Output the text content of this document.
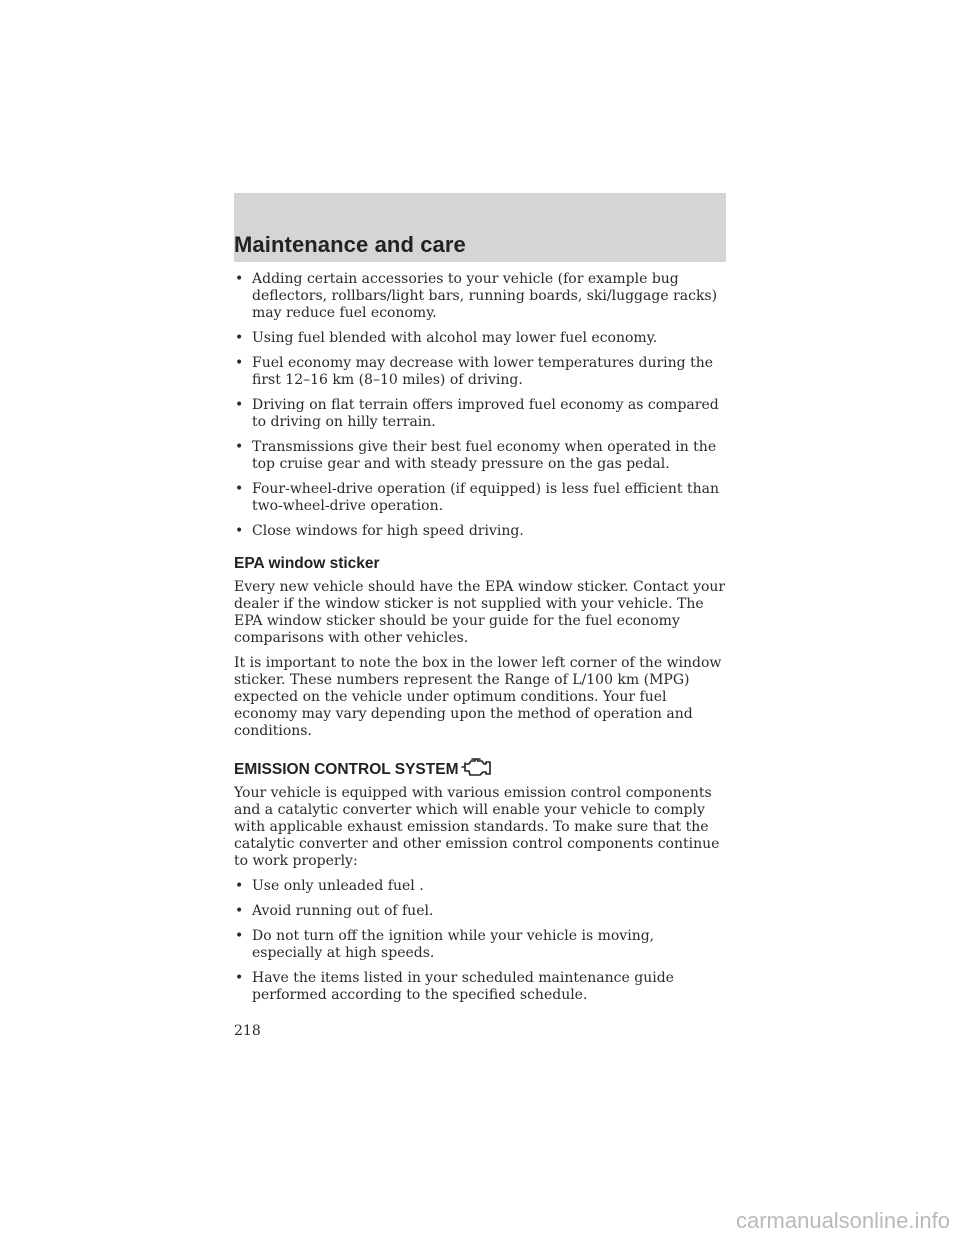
Maintenance and care
• Adding certain accessories to your vehicle (for example bug deflectors, rollbars/light bars, running boards, ski/luggage racks) may reduce fuel economy.
• Using fuel blended with alcohol may lower fuel economy.
• Fuel economy may decrease with lower temperatures during the first 12–16 km (8–10 miles) of driving.
• Driving on flat terrain offers improved fuel economy as compared to driving on hilly terrain.
• Transmissions give their best fuel economy when operated in the top cruise gear and with steady pressure on the gas pedal.
• Four-wheel-drive operation (if equipped) is less fuel efficient than two-wheel-drive operation.
• Close windows for high speed driving.
EPA window sticker

Every new vehicle should have the EPA window sticker. Contact your dealer if the window sticker is not supplied with your vehicle. The EPA window sticker should be your guide for the fuel economy comparisons with other vehicles.

It is important to note the box in the lower left corner of the window sticker. These numbers represent the Range of L/100 km (MPG) expected on the vehicle under optimum conditions. Your fuel economy may vary depending upon the method of operation and conditions.

EMISSION CONTROL SYSTEM

Your vehicle is equipped with various emission control components and a catalytic converter which will enable your vehicle to comply with applicable exhaust emission standards. To make sure that the catalytic converter and other emission control components continue to work properly:

• Use only unleaded fuel .
• Avoid running out of fuel.
• Do not turn off the ignition while your vehicle is moving, especially at high speeds.
• Have the items listed in your scheduled maintenance guide performed according to the specified schedule.
218
carmanualsonline.info
